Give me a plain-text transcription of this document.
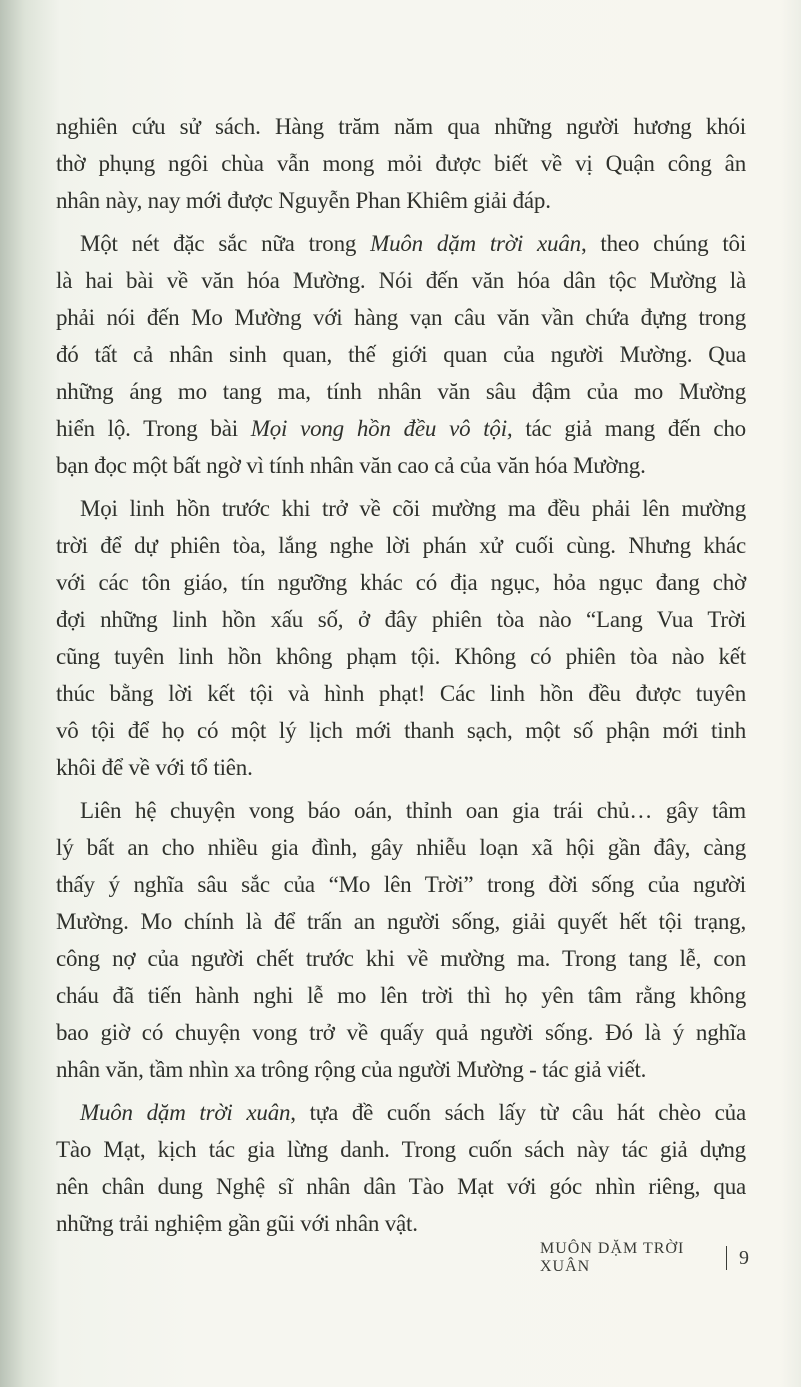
nghiên cứu sử sách. Hàng trăm năm qua những người hương khói
thờ phụng ngôi chùa vẫn mong mỏi được biết về vị Quận công ân
nhân này, nay mới được Nguyễn Phan Khiêm giải đáp.
Một nét đặc sắc nữa trong Muôn dặm trời xuân, theo chúng tôi
là hai bài về văn hóa Mường. Nói đến văn hóa dân tộc Mường là
phải nói đến Mo Mường với hàng vạn câu văn vần chứa đựng trong
đó tất cả nhân sinh quan, thế giới quan của người Mường. Qua
những áng mo tang ma, tính nhân văn sâu đậm của mo Mường
hiển lộ. Trong bài Mọi vong hồn đều vô tội, tác giả mang đến cho
bạn đọc một bất ngờ vì tính nhân văn cao cả của văn hóa Mường.
Mọi linh hồn trước khi trở về cõi mường ma đều phải lên mường
trời để dự phiên tòa, lắng nghe lời phán xử cuối cùng. Nhưng khác
với các tôn giáo, tín ngưỡng khác có địa ngục, hỏa ngục đang chờ
đợi những linh hồn xấu số, ở đây phiên tòa nào “Lang Vua Trời
cũng tuyên linh hồn không phạm tội. Không có phiên tòa nào kết
thúc bằng lời kết tội và hình phạt! Các linh hồn đều được tuyên
vô tội để họ có một lý lịch mới thanh sạch, một số phận mới tinh
khôi để về với tổ tiên.
Liên hệ chuyện vong báo oán, thỉnh oan gia trái chủ… gây tâm
lý bất an cho nhiều gia đình, gây nhiễu loạn xã hội gần đây, càng
thấy ý nghĩa sâu sắc của “Mo lên Trời” trong đời sống của người
Mường. Mo chính là để trấn an người sống, giải quyết hết tội trạng,
công nợ của người chết trước khi về mường ma. Trong tang lễ, con
cháu đã tiến hành nghi lễ mo lên trời thì họ yên tâm rằng không
bao giờ có chuyện vong trở về quấy quả người sống. Đó là ý nghĩa
nhân văn, tầm nhìn xa trông rộng của người Mường - tác giả viết.
Muôn dặm trời xuân, tựa đề cuốn sách lấy từ câu hát chèo của
Tào Mạt, kịch tác gia lừng danh. Trong cuốn sách này tác giả dựng
nên chân dung Nghệ sĩ nhân dân Tào Mạt với góc nhìn riêng, qua
những trải nghiệm gần gũi với nhân vật.
MUÔN DẶM TRỜI XUÂN	9
